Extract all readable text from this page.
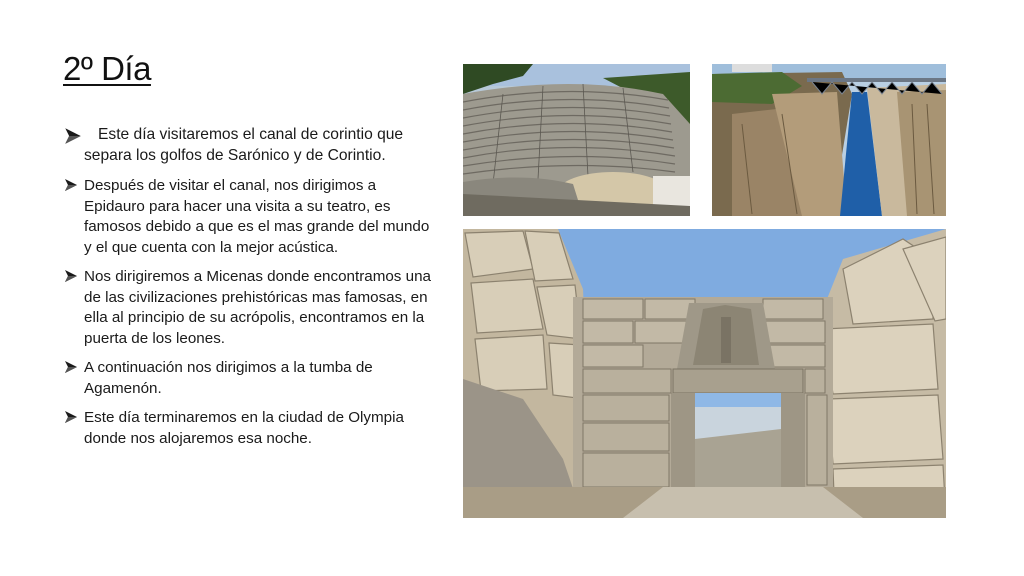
2º Día
Este día visitaremos el canal de corintio que separa los golfos de Sarónico y de Corintio.
Después de visitar el canal, nos dirigimos a Epidauro para hacer una visita a su teatro, es famosos debido a que es el mas grande del mundo y el que cuenta con la mejor acústica.
Nos dirigiremos a Micenas donde encontramos una de las civilizaciones prehistóricas mas famosas, en ella al principio de su acrópolis, encontramos en la puerta de los leones.
A continuación nos dirigimos a la tumba de Agamenón.
Este día terminaremos en la ciudad de Olympia donde nos alojaremos esa noche.
